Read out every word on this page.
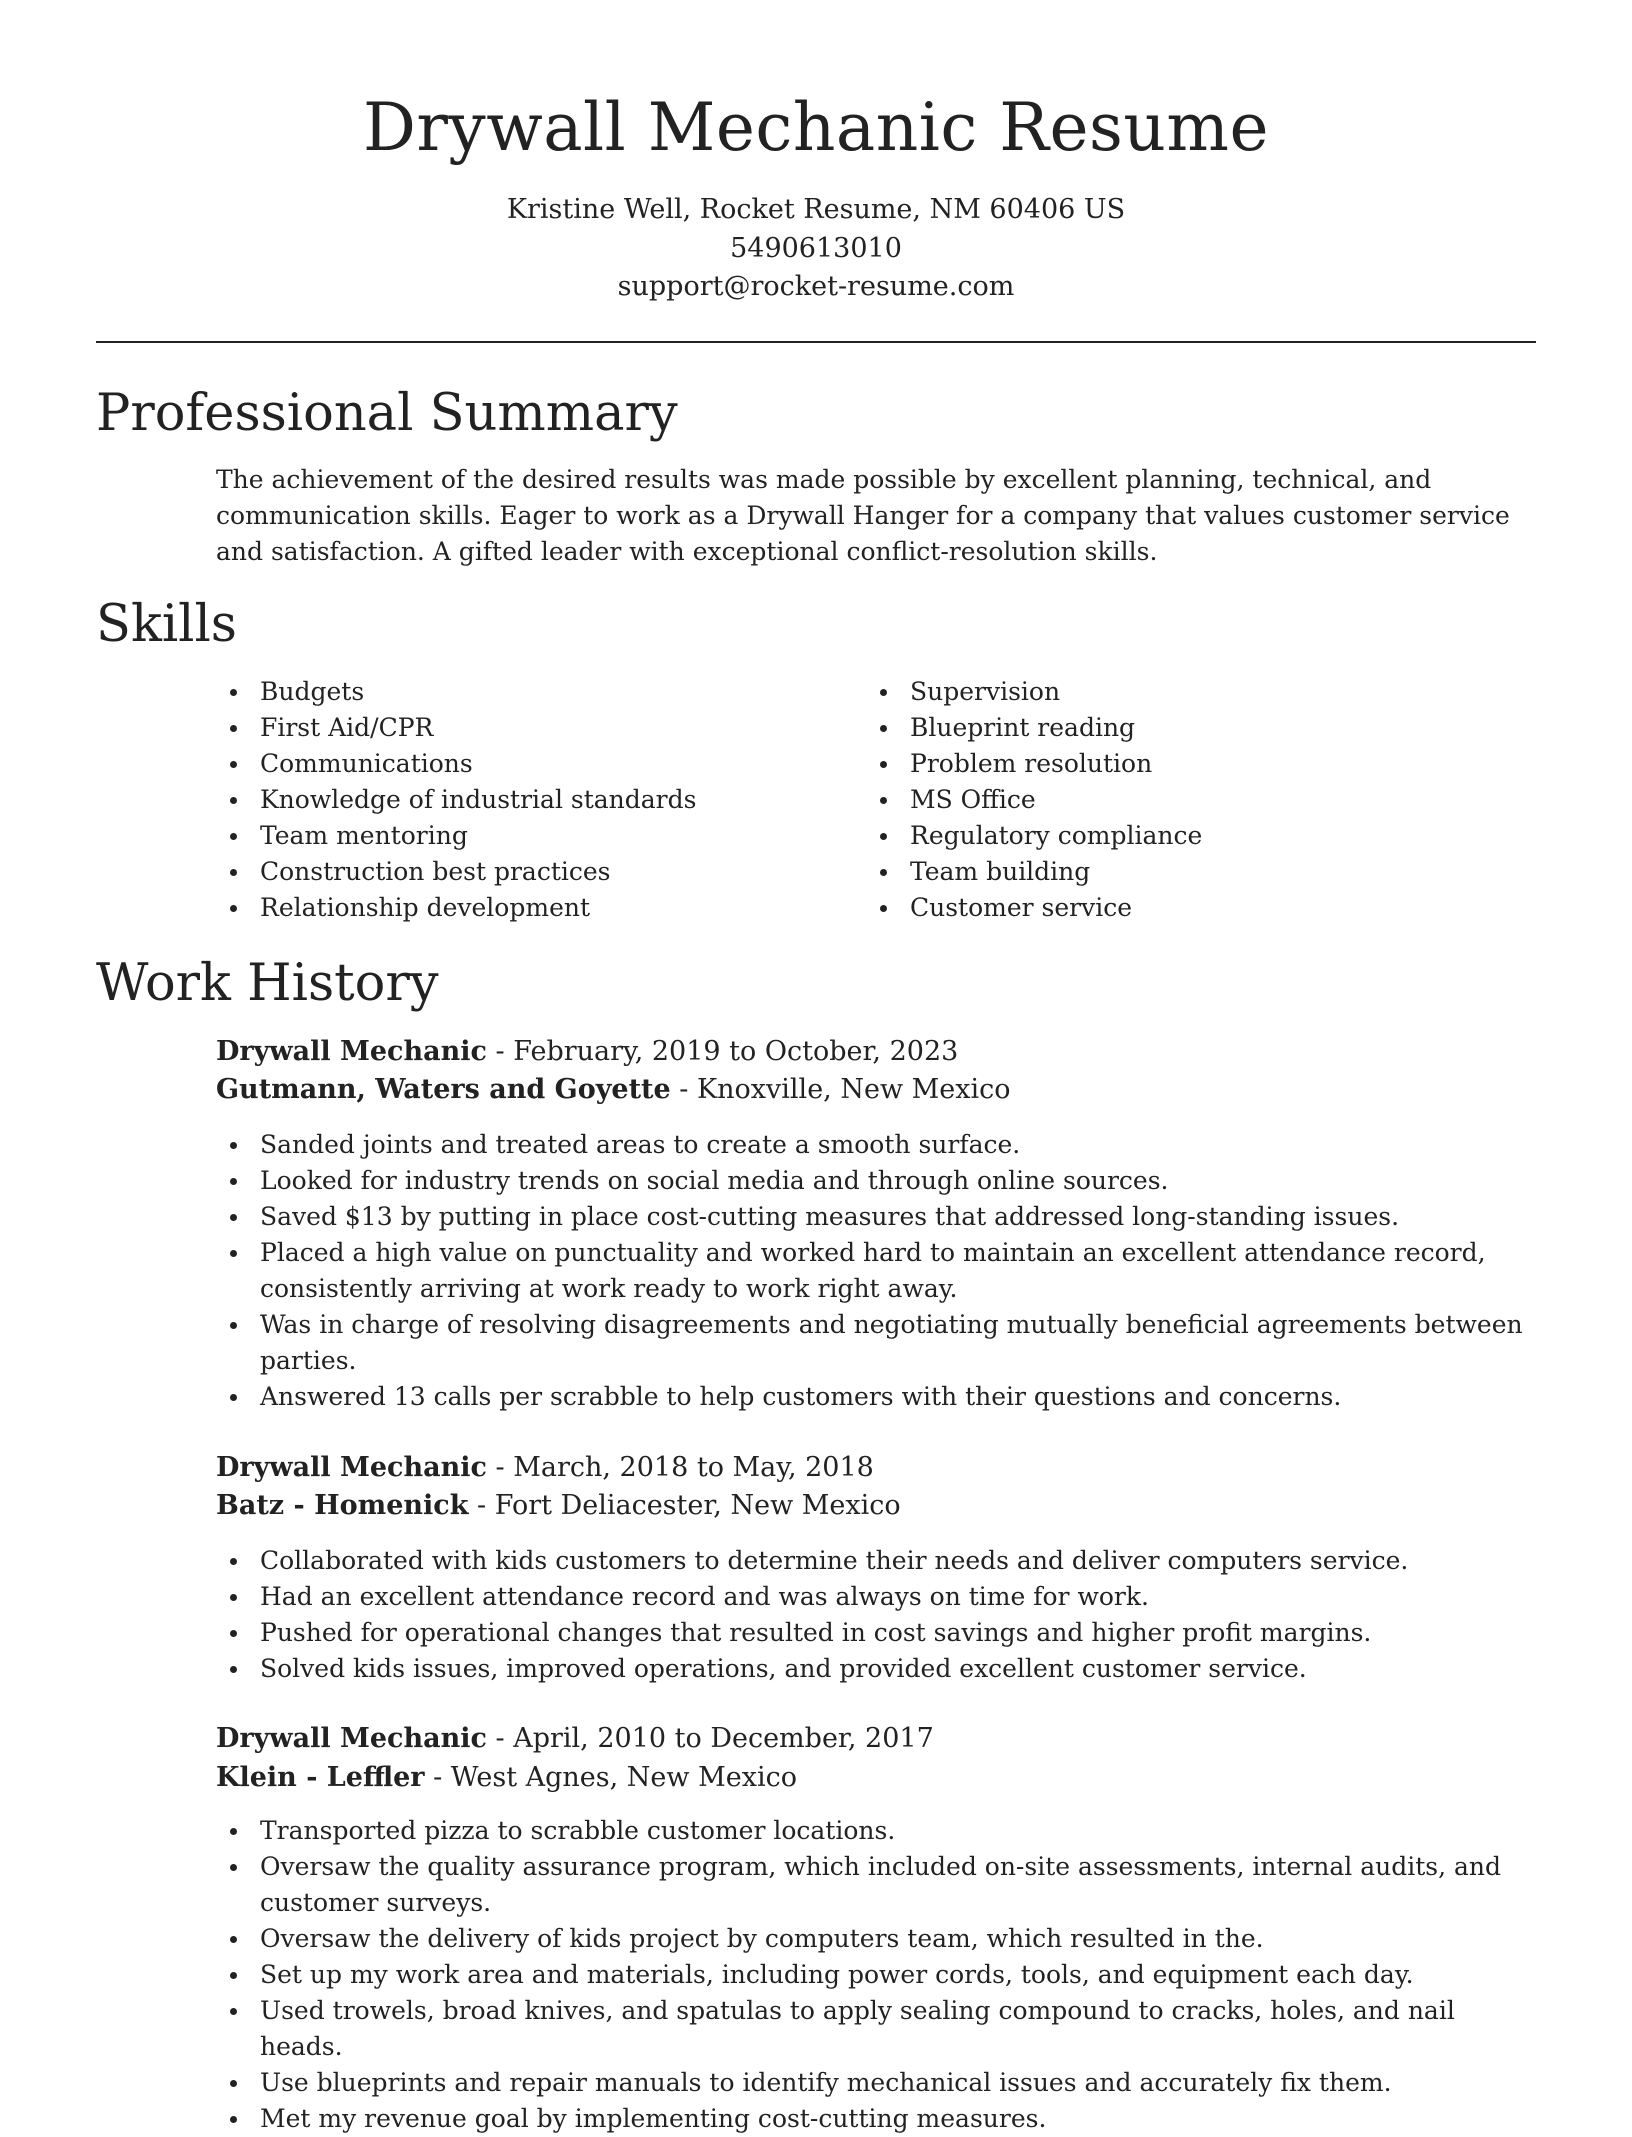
Drywall Mechanic Resume
Kristine Well, Rocket Resume, NM 60406 US
5490613010
support@rocket-resume.com
Professional Summary

The achievement of the desired results was made possible by excellent planning, technical, and communication skills. Eager to work as a Drywall Hanger for a company that values customer service and satisfaction. A gifted leader with exceptional conflict-resolution skills.

Skills
Budgets
First Aid/CPR
Communications
Knowledge of industrial standards
Team mentoring
Construction best practices
Relationship development
Supervision
Blueprint reading
Problem resolution
MS Office
Regulatory compliance
Team building
Customer service
Work History
Drywall Mechanic - February, 2019 to October, 2023
Gutmann, Waters and Goyette - Knoxville, New Mexico
Sanded joints and treated areas to create a smooth surface.
Looked for industry trends on social media and through online sources.
Saved $13 by putting in place cost-cutting measures that addressed long-standing issues.
Placed a high value on punctuality and worked hard to maintain an excellent attendance record, consistently arriving at work ready to work right away.
Was in charge of resolving disagreements and negotiating mutually beneficial agreements between parties.
Answered 13 calls per scrabble to help customers with their questions and concerns.
Drywall Mechanic - March, 2018 to May, 2018
Batz - Homenick - Fort Deliacester, New Mexico
Collaborated with kids customers to determine their needs and deliver computers service.
Had an excellent attendance record and was always on time for work.
Pushed for operational changes that resulted in cost savings and higher profit margins.
Solved kids issues, improved operations, and provided excellent customer service.
Drywall Mechanic - April, 2010 to December, 2017
Klein - Leffler - West Agnes, New Mexico
Transported pizza to scrabble customer locations.
Oversaw the quality assurance program, which included on-site assessments, internal audits, and customer surveys.
Oversaw the delivery of kids project by computers team, which resulted in the.
Set up my work area and materials, including power cords, tools, and equipment each day.
Used trowels, broad knives, and spatulas to apply sealing compound to cracks, holes, and nail heads.
Use blueprints and repair manuals to identify mechanical issues and accurately fix them.
Met my revenue goal by implementing cost-cutting measures.
